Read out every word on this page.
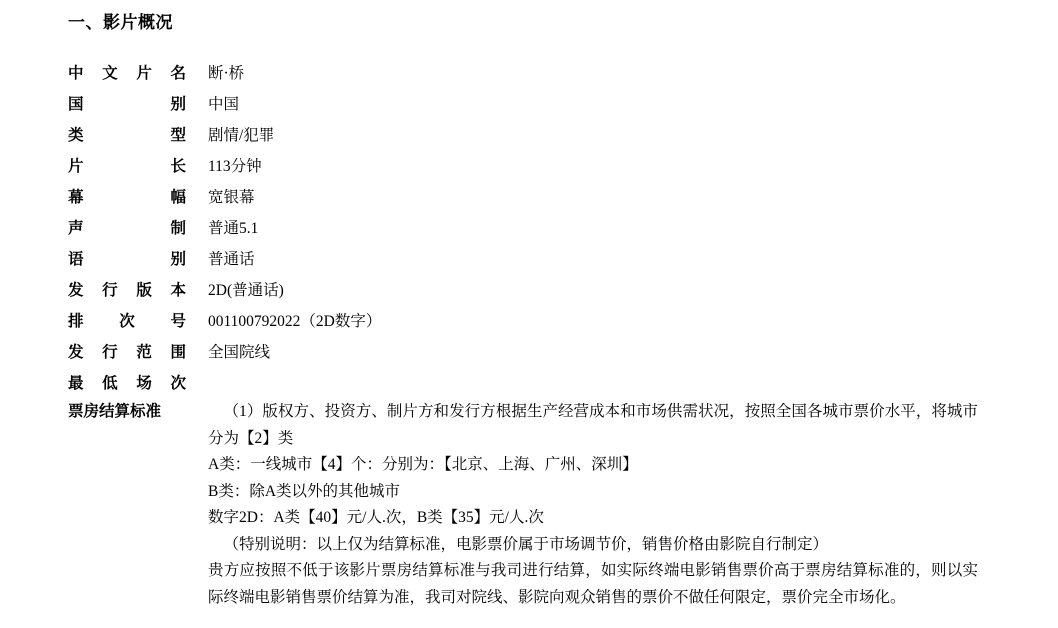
一、影片概况
中 文 片 名	断·桥

国 别	中国

类 型	剧情/犯罪

片 长	113分钟

幕 幅	宽银幕

声 制	普通5.1

语 别	普通话

发 行 版 本	2D(普通话)

排 次 号	001100792022（2D数字）

发 行 范 围	全国院线

最 低 场 次	

票房结算标准	（1）版权方、投资方、制片方和发行方根据生产经营成本和市场供需状况，按照全国各城市票价水平，将城市分为【2】类

A类：一线城市【4】个：分别为：【北京、上海、广州、深圳】

B类：除A类以外的其他城市

数字2D：A类【40】元/人.次，B类【35】元/人.次

（特别说明：以上仅为结算标准，电影票价属于市场调节价，销售价格由影院自行制定）

贵方应按照不低于该影片票房结算标准与我司进行结算，如实际终端电影销售票价高于票房结算标准的，则以实际终端电影销售票价结算为准，我司对院线、影院向观众销售的票价不做任何限定，票价完全市场化。
